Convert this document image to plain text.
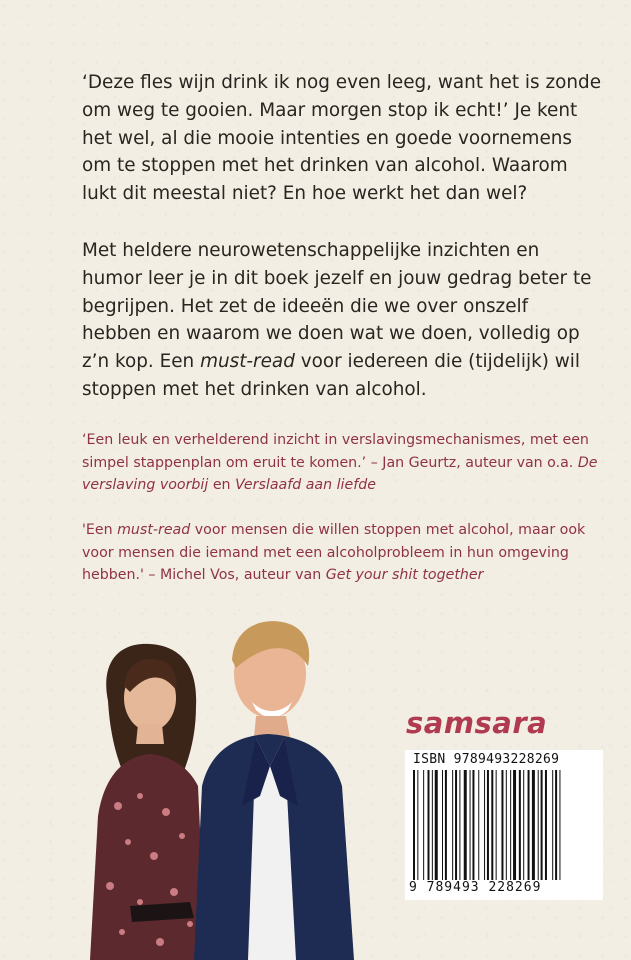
‘Deze fles wijn drink ik nog even leeg, want het is zonde om weg te gooien. Maar morgen stop ik echt!’ Je kent het wel, al die mooie intenties en goede voornemens om te stoppen met het drinken van alcohol. Waarom lukt dit meestal niet? En hoe werkt het dan wel?

Met heldere neurowetenschappelijke inzichten en humor leer je in dit boek jezelf en jouw gedrag beter te begrijpen. Het zet de ideeën die we over onszelf hebben en waarom we doen wat we doen, volledig op z’n kop. Een must-read voor iedereen die (tijdelijk) wil stoppen met het drinken van alcohol.

‘Een leuk en verhelderend inzicht in verslavingsmechanismes, met een simpel stappenplan om eruit te komen.’ – Jan Geurtz, auteur van o.a. De verslaving voorbij en Verslaafd aan liefde

'Een must-read voor mensen die willen stoppen met alcohol, maar ook voor mensen die iemand met een alcoholprobleem in hun omgeving hebben.' – Michel Vos, auteur van Get your shit together

samsara

ISBN 9789493228269
9 789493 228269
